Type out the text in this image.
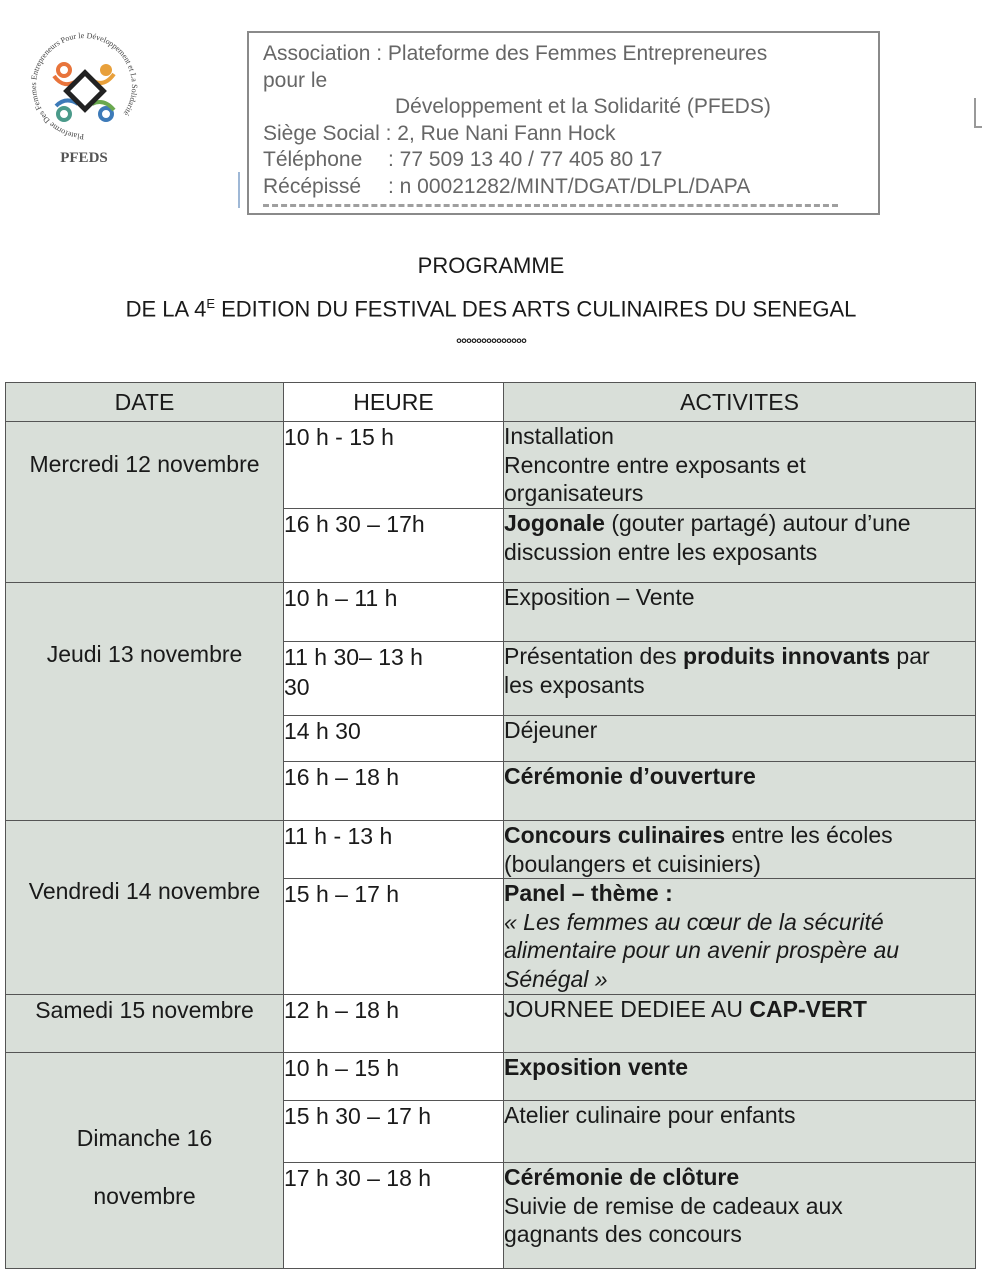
Plateforme Des Femmes Entrepreneurs Pour le Développement et La Solidarité
PFEDS
Association : Plateforme des Femmes Entrepreneures
pour le
Développement et la Solidarité (PFEDS)
Siège Social : 2, Rue Nani Fann Hock
Téléphone : 77 509 13 40 / 77 405 80 17
Récépissé : n 00021282/MINT/DGAT/DLPL/DAPA
PROGRAMME
DE LA $4^E$ EDITION DU FESTIVAL DES ARTS CULINAIRES DU SENEGAL
°°°°°°°°°°°°°°
DATE	HEURE	ACTIVITES

Mercredi 12 novembre	10 h - 15 h	Installation
Rencontre entre exposants et
organisateurs

	16 h 30 – 17h	Jogonale (gouter partagé) autour d’une
discussion entre les exposants

Jeudi 13 novembre	10 h – 11 h	Exposition – Vente

	11 h 30– 13 h
30	Présentation des produits innovants par
les exposants

	14 h 30	Déjeuner
	16 h – 18 h	Cérémonie d’ouverture

Vendredi 14 novembre	11 h - 13 h	Concours culinaires entre les écoles
(boulangers et cuisiniers)

	15 h – 17 h	Panel – thème :
« Les femmes au cœur de la sécurité
alimentaire pour un avenir prospère au
Sénégal »

Samedi 15 novembre	12 h – 18 h	JOURNEE DEDIEE AU CAP-VERT

Dimanche 16
novembre	10 h – 15 h	Exposition vente
	15 h 30 – 17 h	Atelier culinaire pour enfants
	17 h 30 – 18 h	Cérémonie de clôture
Suivie de remise de cadeaux aux
gagnants des concours
